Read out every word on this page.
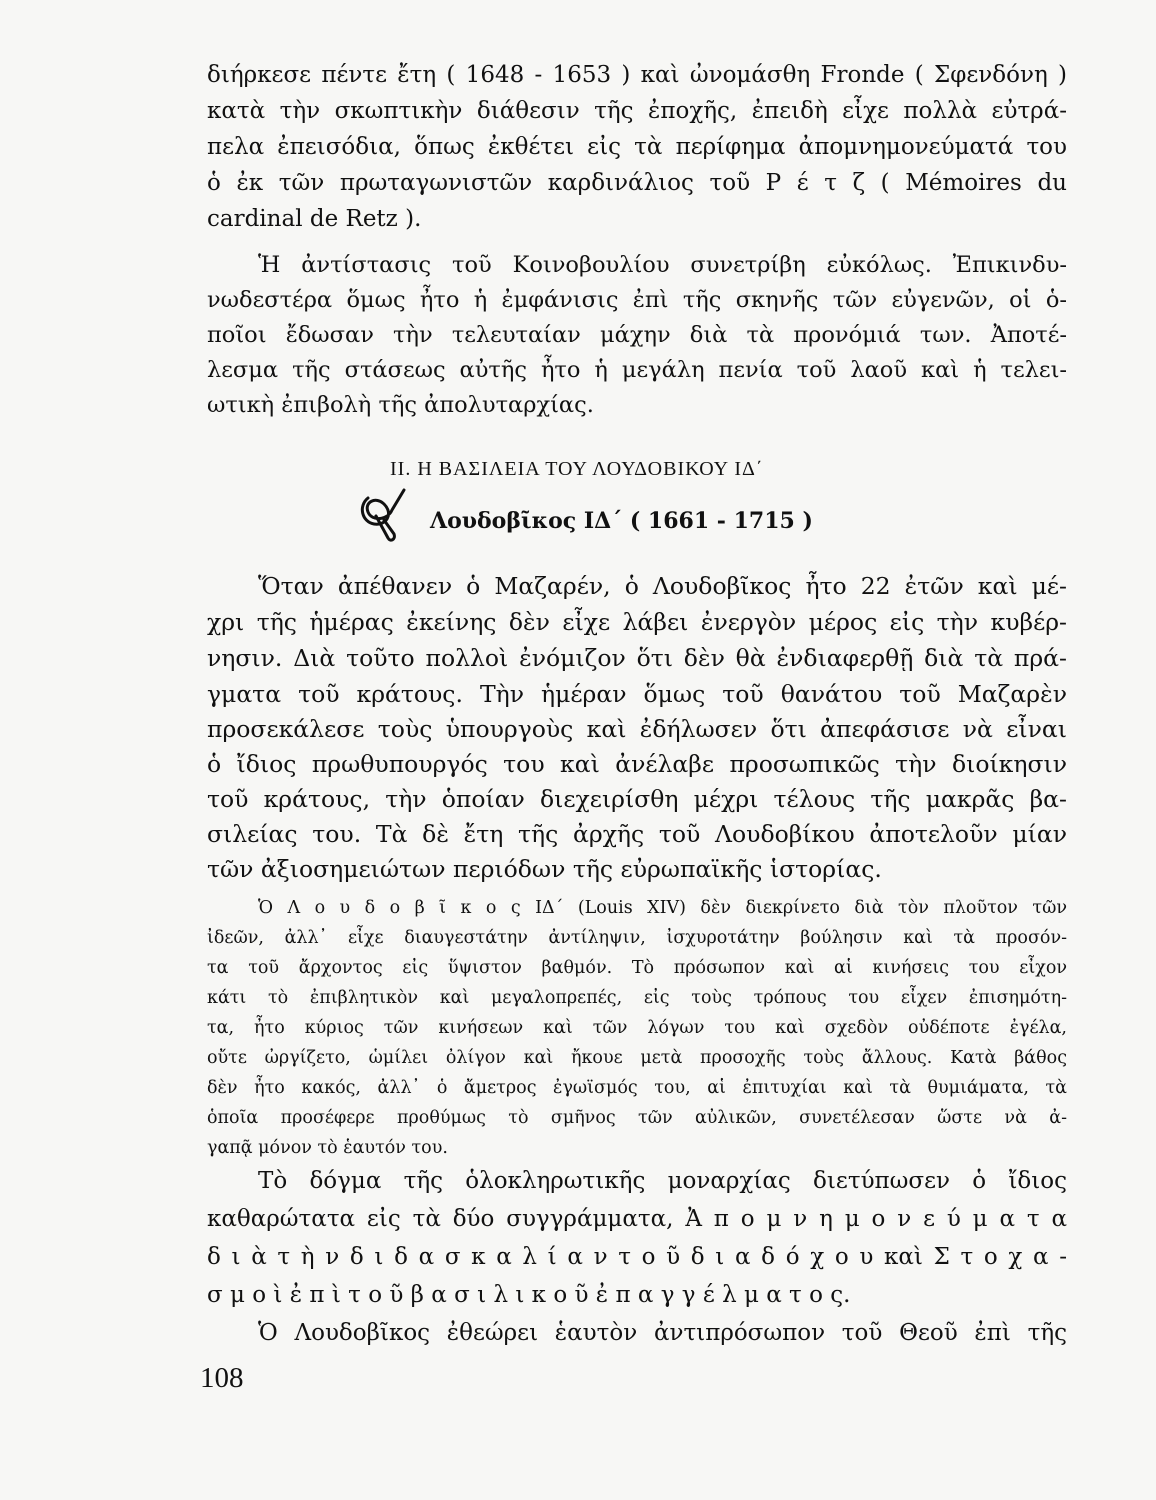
διήρκεσε πέντε ἔτη ( 1648 - 1653 ) καὶ ὠνομάσθη Fronde ( Σφενδόνη )
κατὰ τὴν σκωπτικὴν διάθεσιν τῆς ἐποχῆς, ἐπειδὴ εἶχε πολλὰ εὐτρά-
πελα ἐπεισόδια, ὅπως ἐκθέτει εἰς τὰ περίφημα ἀπομνημονεύματά του
ὁ ἐκ τῶν πρωταγωνιστῶν καρδινάλιος τοῦ Ρ έ τ ζ ( Mémoires du
cardinal de Retz ).
Ἡ ἀντίστασις τοῦ Κοινοβουλίου συνετρίβη εὐκόλως. Ἐπικινδυ-
νωδεστέρα ὅμως ἦτο ἡ ἐμφάνισις ἐπὶ τῆς σκηνῆς τῶν εὐγενῶν, οἱ ὁ-
ποῖοι ἔδωσαν τὴν τελευταίαν μάχην διὰ τὰ προνόμιά των. Ἀποτέ-
λεσμα τῆς στάσεως αὐτῆς ἦτο ἡ μεγάλη πενία τοῦ λαοῦ καὶ ἡ τελει-
ωτικὴ ἐπιβολὴ τῆς ἀπολυταρχίας.
ΙΙ. Η ΒΑΣΙΛΕΙΑ ΤΟΥ ΛΟΥΔΟΒΙΚΟΥ ΙΔ΄
Λουδοβῖκος ΙΔ΄ ( 1661 - 1715 )
Ὅταν ἀπέθανεν ὁ Μαζαρέν, ὁ Λουδοβῖκος ἦτο 22 ἐτῶν καὶ μέ-
χρι τῆς ἡμέρας ἐκείνης δὲν εἶχε λάβει ἐνεργὸν μέρος εἰς τὴν κυβέρ-
νησιν. Διὰ τοῦτο πολλοὶ ἐνόμιζον ὅτι δὲν θὰ ἐνδιαφερθῇ διὰ τὰ πρά-
γματα τοῦ κράτους. Τὴν ἡμέραν ὅμως τοῦ θανάτου τοῦ Μαζαρὲν
προσεκάλεσε τοὺς ὑπουργοὺς καὶ ἐδήλωσεν ὅτι ἀπεφάσισε νὰ εἶναι
ὁ ἴδιος πρωθυπουργός του καὶ ἀνέλαβε προσωπικῶς τὴν διοίκησιν
τοῦ κράτους, τὴν ὁποίαν διεχειρίσθη μέχρι τέλους τῆς μακρᾶς βα-
σιλείας του. Τὰ δὲ ἔτη τῆς ἀρχῆς τοῦ Λουδοβίκου ἀποτελοῦν μίαν
τῶν ἀξιοσημειώτων περιόδων τῆς εὐρωπαϊκῆς ἱστορίας.
Ὁ Λ ο υ δ ο β ῖ κ ο ς ΙΔ΄ (Louis XIV) δὲν διεκρίνετο διὰ τὸν πλοῦτον τῶν
ἰδεῶν, ἀλλ᾽ εἶχε διαυγεστάτην ἀντίληψιν, ἰσχυροτάτην βούλησιν καὶ τὰ προσόν-
τα τοῦ ἄρχοντος εἰς ὕψιστον βαθμόν. Τὸ πρόσωπον καὶ αἱ κινήσεις του εἶχον
κάτι τὸ ἐπιβλητικὸν καὶ μεγαλοπρεπές, εἰς τοὺς τρόπους του εἶχεν ἐπισημότη-
τα, ἦτο κύριος τῶν κινήσεων καὶ τῶν λόγων του καὶ σχεδὸν οὐδέποτε ἐγέλα,
οὔτε ὠργίζετο, ὡμίλει ὀλίγον καὶ ἤκουε μετὰ προσοχῆς τοὺς ἄλλους. Κατὰ βάθος
δὲν ἦτο κακός, ἀλλ᾽ ὁ ἄμετρος ἐγωϊσμός του, αἱ ἐπιτυχίαι καὶ τὰ θυμιάματα, τὰ
ὁποῖα προσέφερε προθύμως τὸ σμῆνος τῶν αὐλικῶν, συνετέλεσαν ὥστε νὰ ἀ-
γαπᾷ μόνον τὸ ἑαυτόν του.
Τὸ δόγμα τῆς ὁλοκληρωτικῆς μοναρχίας διετύπωσεν ὁ ἴδιος
καθαρώτατα εἰς τὰ δύο συγγράμματα, Ἀ π ο μ ν η μ ο ν ε ύ μ α τ α
δ ι ὰ τ ὴ ν δ ι δ α σ κ α λ ί α ν τ ο ῦ δ ι α δ ό χ ο υ καὶ Σ τ ο χ α -
σ μ ο ὶ ἐ π ὶ τ ο ῦ β α σ ι λ ι κ ο ῦ ἐ π α γ γ έ λ μ α τ ο ς.
Ὁ Λουδοβῖκος ἐθεώρει ἑαυτὸν ἀντιπρόσωπον τοῦ Θεοῦ ἐπὶ τῆς
108
